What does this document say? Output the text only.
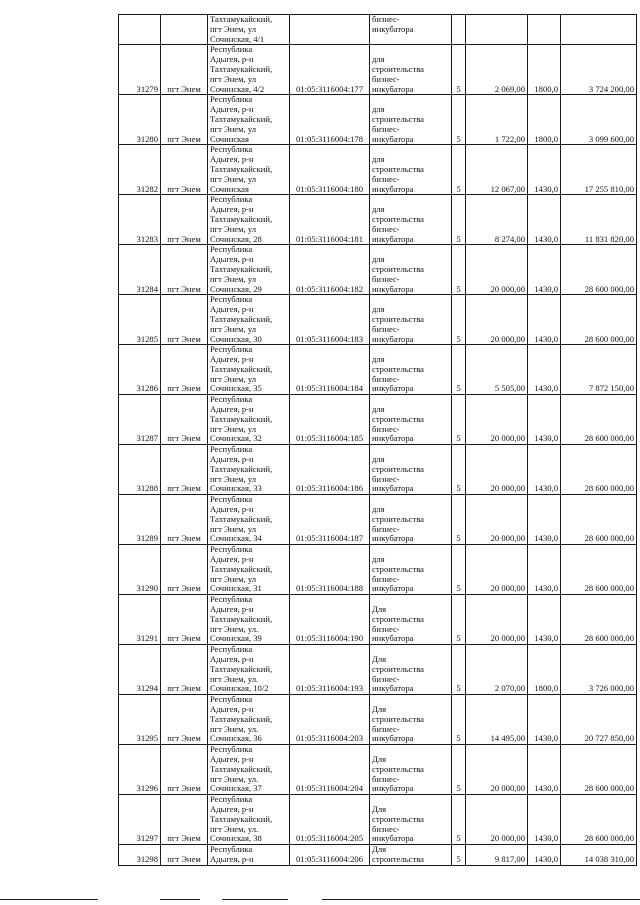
		Тахтамукайский,
пгт Энем, ул
Сочинская, 4/1		бизнес-
инкубатора				

31279	пгт Энем	Республика
Адыгея, р-н
Тахтамукайский,
пгт Энем, ул
Сочинская, 4/2	01:05:3116004:177	для
строительства
бизнес-
инкубатора	5	2 069,00	1800,0	3 724 200,00
31280	пгт Энем	Республика
Адыгея, р-н
Тахтамукайский,
пгт Энем, ул
Сочинская	01:05:3116004:178	для
строительства
бизнес-
инкубатора	5	1 722,00	1800,0	3 099 600,00
31282	пгт Энем	Республика
Адыгея, р-н
Тахтамукайский,
пгт Энем, ул
Сочинская	01:05:3116004:180	для
строительства
бизнес-
инкубатора	5	12 067,00	1430,0	17 255 810,00
31283	пгт Энем	Республика
Адыгея, р-н
Тахтамукайский,
пгт Энем, ул
Сочинская, 28	01:05:3116004:181	для
строительства
бизнес-
инкубатора	5	8 274,00	1430,0	11 831 820,00
31284	пгт Энем	Республика
Адыгея, р-н
Тахтамукайский,
пгт Энем, ул
Сочинская, 29	01:05:3116004:182	для
строительства
бизнес-
инкубатора	5	20 000,00	1430,0	28 600 000,00
31285	пгт Энем	Республика
Адыгея, р-н
Тахтамукайский,
пгт Энем, ул
Сочинская, 30	01:05:3116004:183	для
строительства
бизнес-
инкубатора	5	20 000,00	1430,0	28 600 000,00
31286	пгт Энем	Республика
Адыгея, р-н
Тахтамукайский,
пгт Энем, ул
Сочинская, 35	01:05:3116004:184	для
строительства
бизнес-
инкубатора	5	5 505,00	1430,0	7 872 150,00
31287	пгт Энем	Республика
Адыгея, р-н
Тахтамукайский,
пгт Энем, ул
Сочинская, 32	01:05:3116004:185	для
строительства
бизнес-
инкубатора	5	20 000,00	1430,0	28 600 000,00
31288	пгт Энем	Республика
Адыгея, р-н
Тахтамукайский,
пгт Энем, ул
Сочинская, 33	01:05:3116004:186	для
строительства
бизнес-
инкубатора	5	20 000,00	1430,0	28 600 000,00
31289	пгт Энем	Республика
Адыгея, р-н
Тахтамукайский,
пгт Энем, ул
Сочинская, 34	01:05:3116004:187	для
строительства
бизнес-
инкубатора	5	20 000,00	1430,0	28 600 000,00
31290	пгт Энем	Республика
Адыгея, р-н
Тахтамукайский,
пгт Энем, ул
Сочинская, 31	01:05:3116004:188	для
строительства
бизнес-
инкубатора	5	20 000,00	1430,0	28 600 000,00
31291	пгт Энем	Республика
Адыгея, р-н
Тахтамукайский,
пгт Энем, ул.
Сочинская, 39	01:05:3116004:190	Для
строительства
бизнес-
инкубатора	5	20 000,00	1430,0	28 600 000,00
31294	пгт Энем	Республика
Адыгея, р-н
Тахтамукайский,
пгт Энем, ул.
Сочинская, 10/2	01:05:3116004:193	Для
строительства
бизнес-
инкубатора	5	2 070,00	1800,0	3 726 000,00
31295	пгт Энем	Республика
Адыгея, р-н
Тахтамукайский,
пгт Энем, ул.
Сочинская, 36	01:05:3116004:203	Для
строительства
бизнес-
инкубатора	5	14 495,00	1430,0	20 727 850,00
31296	пгт Энем	Республика
Адыгея, р-н
Тахтамукайский,
пгт Энем, ул.
Сочинская, 37	01:05:3116004:204	Для
строительства
бизнес-
инкубатора	5	20 000,00	1430,0	28 600 000,00
31297	пгт Энем	Республика
Адыгея, р-н
Тахтамукайский,
пгт Энем, ул.
Сочинская, 38	01:05:3116004:205	Для
строительства
бизнес-
инкубатора	5	20 000,00	1430,0	28 600 000,00
31298	пгт Энем	Республика
Адыгея, р-н	01:05:3116004:206	Для
строительства	5	9 817,00	1430,0	14 038 310,00
